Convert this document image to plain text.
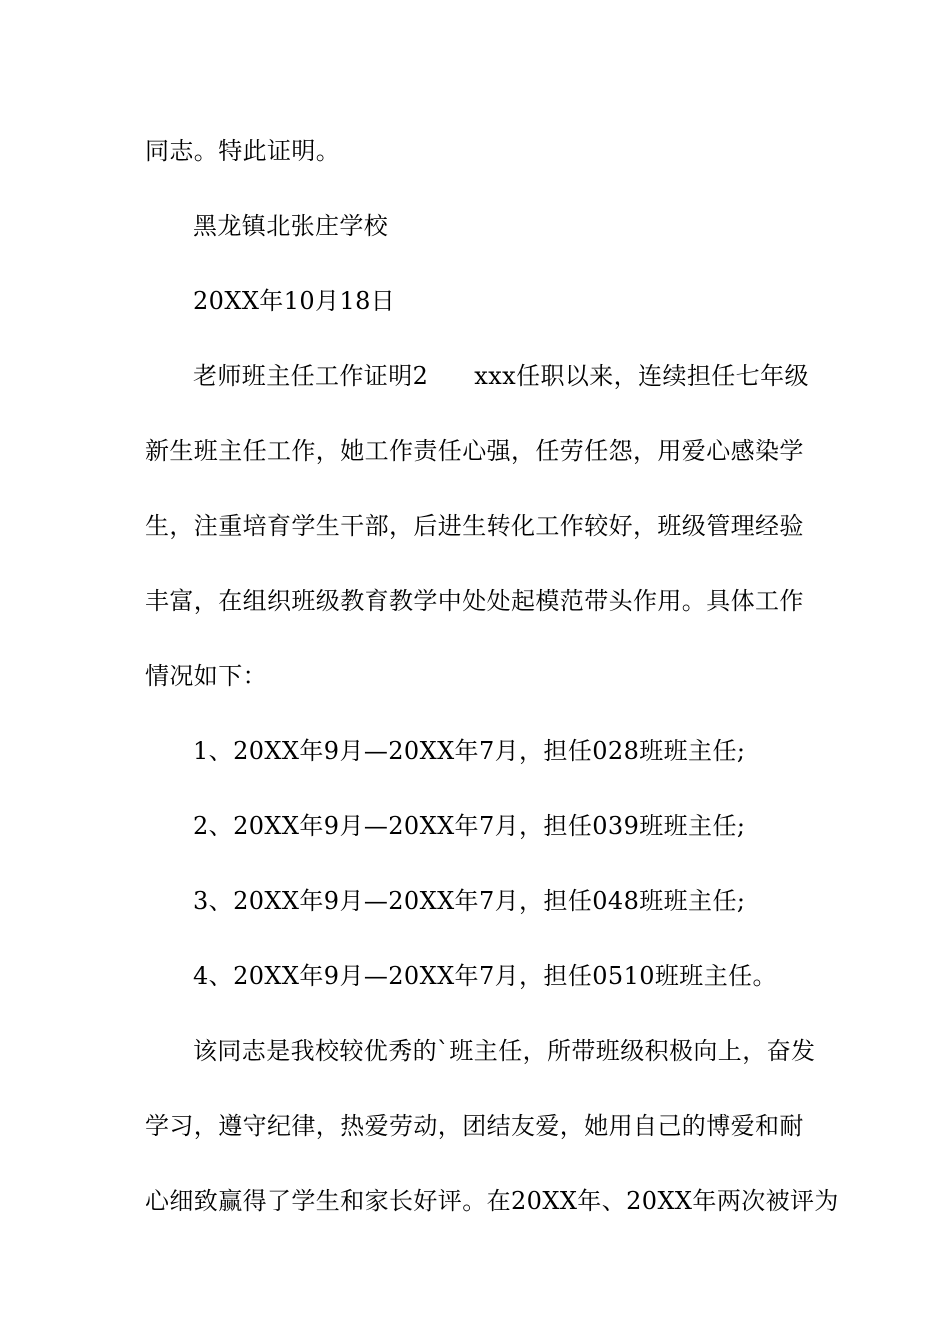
同志。特此证明。
黑龙镇北张庄学校
20XX年10月18日
老师班主任工作证明2 xxx任职以来，连续担任七年级
新生班主任工作，她工作责任心强，任劳任怨，用爱心感染学
生，注重培育学生干部，后进生转化工作较好，班级管理经验
丰富，在组织班级教育教学中处处起模范带头作用。具体工作
情况如下：
1、20XX年9月—20XX年7月，担任028班班主任;
2、20XX年9月—20XX年7月，担任039班班主任;
3、20XX年9月—20XX年7月，担任048班班主任;
4、20XX年9月—20XX年7月，担任0510班班主任。
该同志是我校较优秀的`班主任，所带班级积极向上，奋发
学习，遵守纪律，热爱劳动，团结友爱，她用自己的博爱和耐
心细致赢得了学生和家长好评。在20XX年、20XX年两次被评为
